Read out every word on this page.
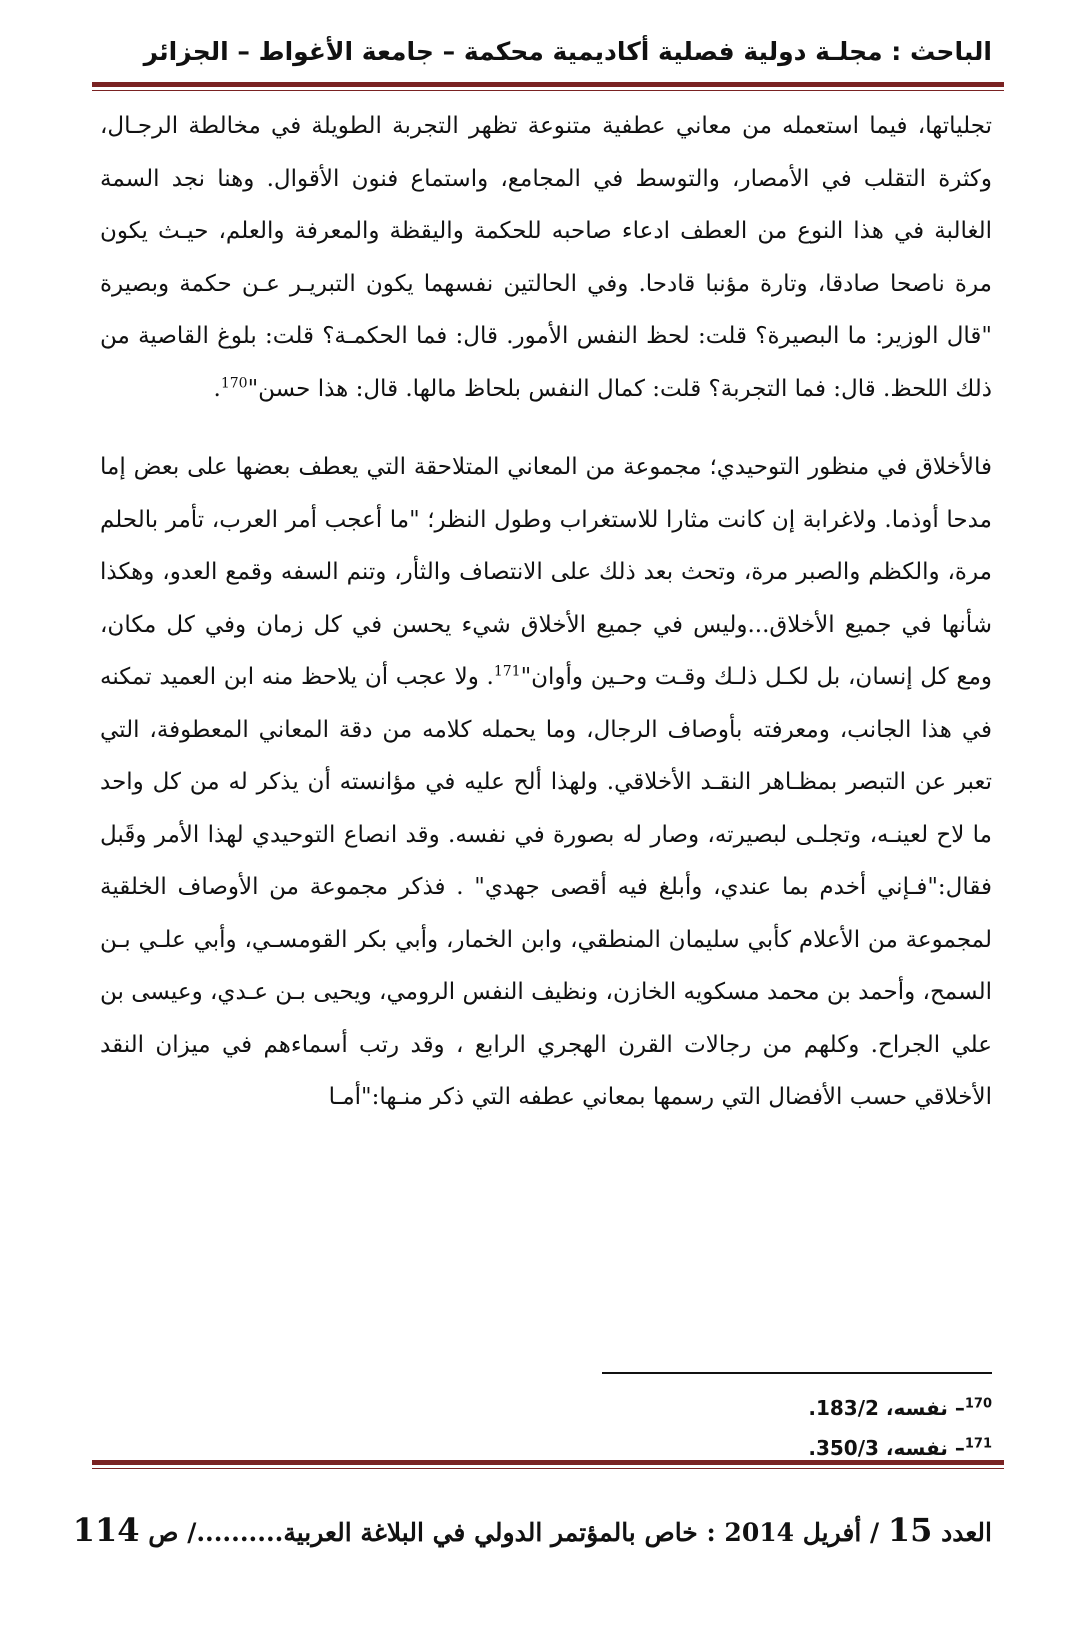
الباحث : مجلـة دولية فصلية أكاديمية محكمة – جامعة الأغواط – الجزائر

تجلياتها، فيما استعمله من معاني عطفية متنوعة تظهر التجربة الطويلة في مخالطة الرجـال، وكثرة التقلب في الأمصار، والتوسط في المجامع، واستماع فنون الأقوال. وهنا نجد السمة الغالبة في هذا النوع من العطف ادعاء صاحبه للحكمة واليقظة والمعرفة والعلم، حيـث يكون مرة ناصحا صادقا، وتارة مؤنبا قادحا. وفي الحالتين نفسهما يكون التبريـر عـن حكمة وبصيرة "قال الوزير: ما البصيرة؟ قلت: لحظ النفس الأمور. قال: فما الحكمـة؟ قلت: بلوغ القاصية من ذلك اللحظ. قال: فما التجربة؟ قلت: كمال النفس بلحاظ مالها. قال: هذا حسن"$^{170}$.

فالأخلاق في منظور التوحيدي؛ مجموعة من المعاني المتلاحقة التي يعطف بعضها على بعض إما مدحا أوذما. ولاغرابة إن كانت مثارا للاستغراب وطول النظر؛ "ما أعجب أمر العرب، تأمر بالحلم مرة، والكظم والصبر مرة، وتحث بعد ذلك على الانتصاف والثأر، وتنم السفه وقمع العدو، وهكذا شأنها في جميع الأخلاق...وليس في جميع الأخلاق شيء يحسن في كل زمان وفي كل مكان، ومع كل إنسان، بل لكـل ذلـك وقـت وحـين وأوان"$^{171}$. ولا عجب أن يلاحظ منه ابن العميد تمكنه في هذا الجانب، ومعرفته بأوصاف الرجال، وما يحمله كلامه من دقة المعاني المعطوفة، التي تعبر عن التبصر بمظـاهر النقـد الأخلاقي. ولهذا ألح عليه في مؤانسته أن يذكر له من كل واحد ما لاح لعينـه، وتجلـى لبصيرته، وصار له بصورة في نفسه. وقد انصاع التوحيدي لهذا الأمر وقَبل فقال:"فـإني أخدم بما عندي، وأبلغ فيه أقصى جهدي" . فذكر مجموعة من الأوصاف الخلقية لمجموعة من الأعلام كأبي سليمان المنطقي، وابن الخمار، وأبي بكر القومسـي، وأبي علـي بـن السمح، وأحمد بن محمد مسكويه الخازن، ونظيف النفس الرومي، ويحيى بـن عـدي، وعيسى بن علي الجراح. وكلهم من رجالات القرن الهجري الرابع ، وقد رتب أسماءهم في ميزان النقد الأخلاقي حسب الأفضال التي رسمها بمعاني عطفه التي ذكر منـها:"أمـا

$^{170}$– نفسه، 183/2.
$^{171}$– نفسه، 350/3.
العدد 15 / أفريل 2014 : خاص بالمؤتمر الدولي في البلاغة العربية........../ ص 114
